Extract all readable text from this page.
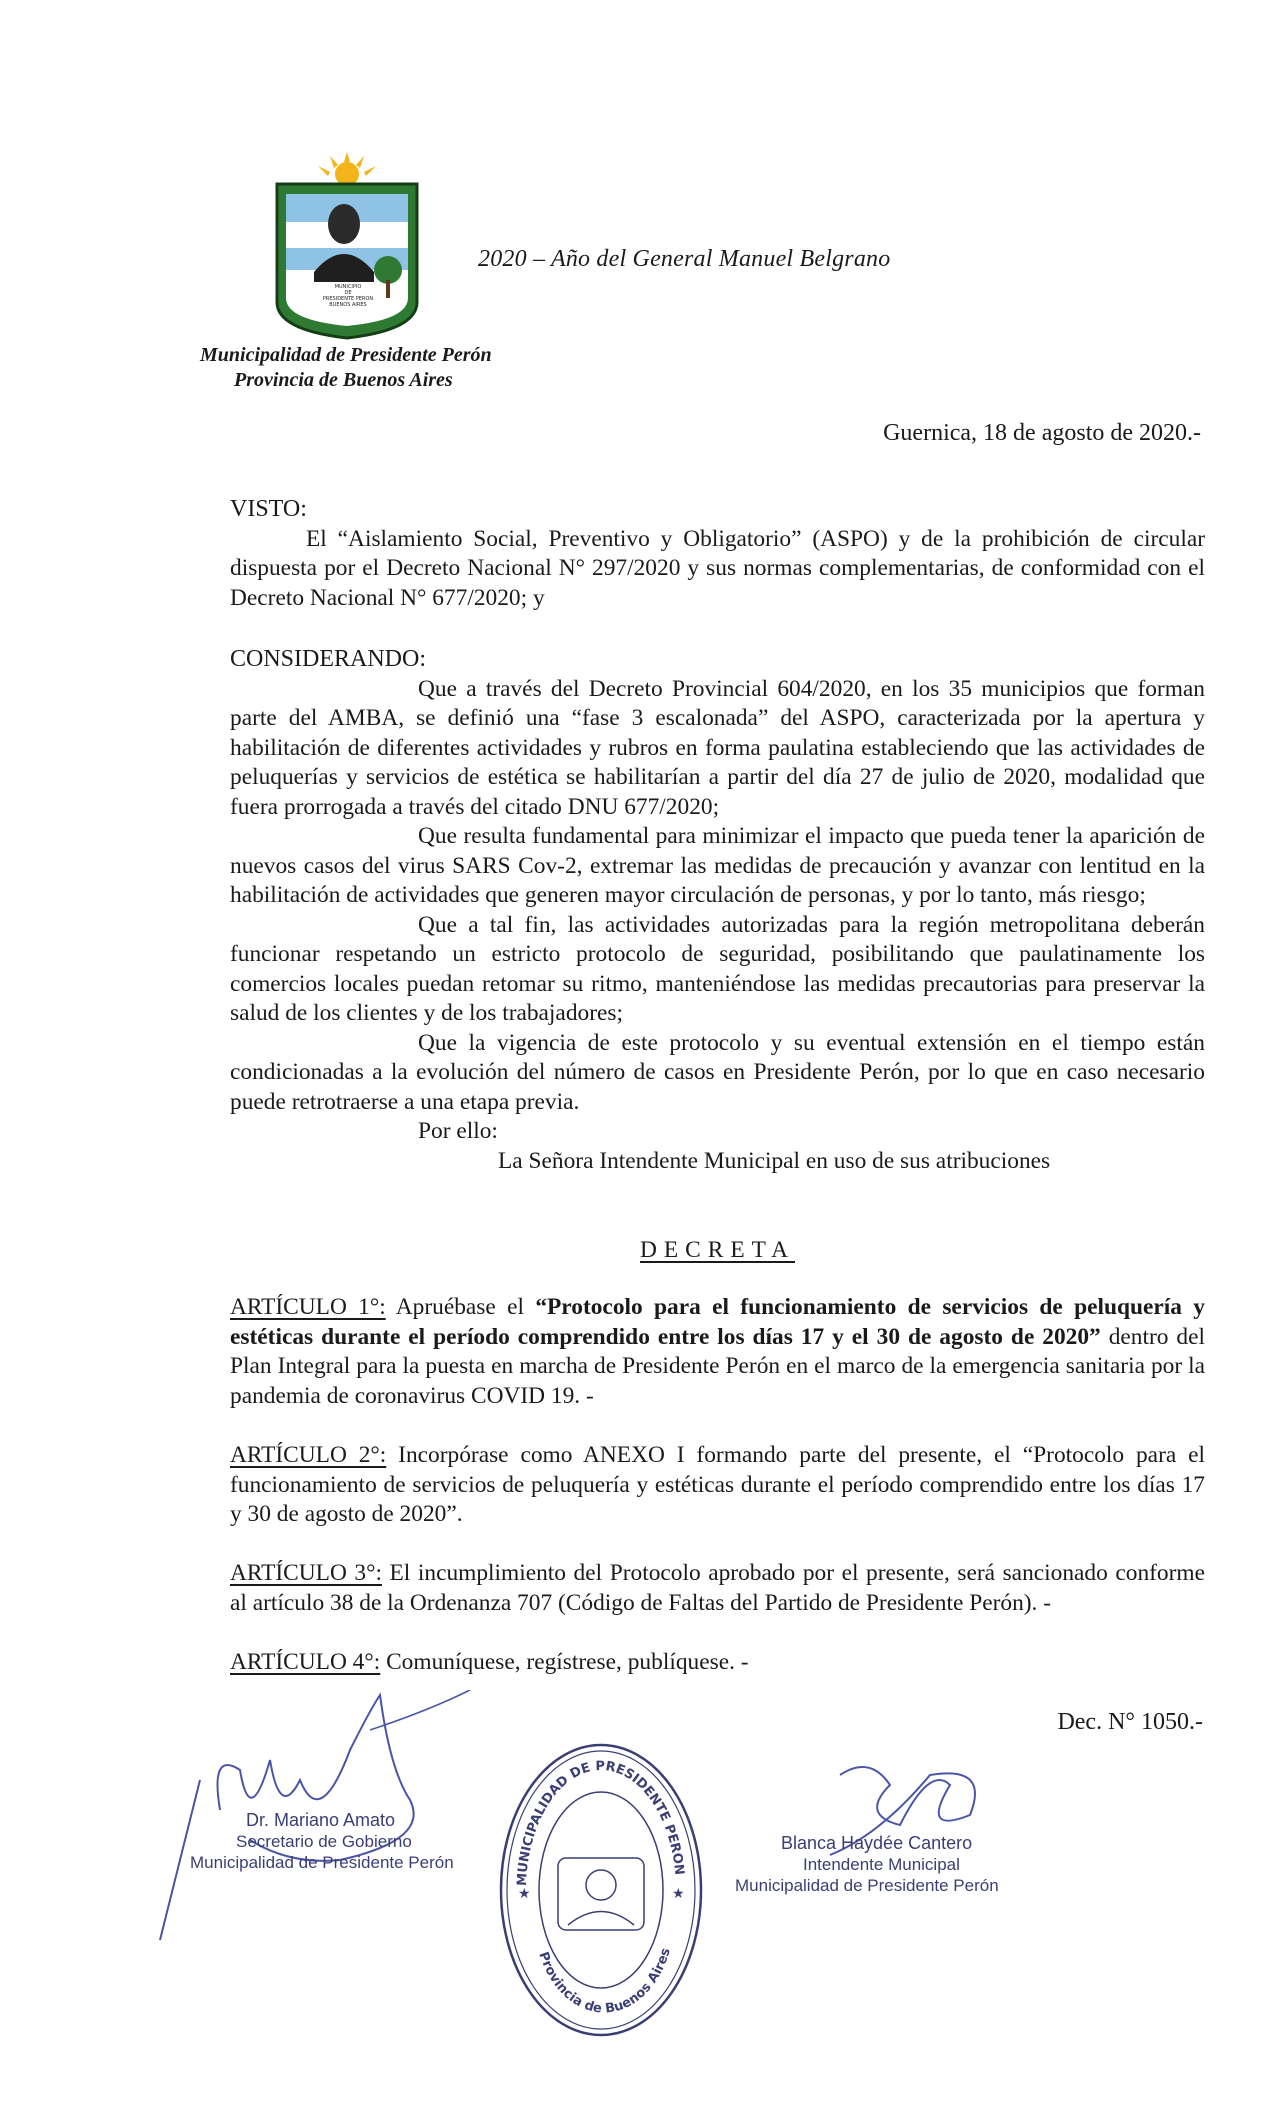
MUNICIPIO
DE
PRESIDENTE PERON
BUENOS AIRES
2020 – Año del General Manuel Belgrano
Municipalidad de Presidente Perón
Provincia de Buenos Aires
Guernica, 18 de agosto de 2020.-
VISTO:
El “Aislamiento Social, Preventivo y Obligatorio” (ASPO) y de la prohibición de circular dispuesta por el Decreto Nacional N° 297/2020 y sus normas complementarias, de conformidad con el Decreto Nacional N° 677/2020; y
CONSIDERANDO:
Que a través del Decreto Provincial 604/2020, en los 35 municipios que forman parte del AMBA, se definió una “fase 3 escalonada” del ASPO, caracterizada por la apertura y habilitación de diferentes actividades y rubros en forma paulatina estableciendo que las actividades de peluquerías y servicios de estética se habilitarían a partir del día 27 de julio de 2020, modalidad que fuera prorrogada a través del citado DNU 677/2020;
Que resulta fundamental para minimizar el impacto que pueda tener la aparición de nuevos casos del virus SARS Cov-2, extremar las medidas de precaución y avanzar con lentitud en la habilitación de actividades que generen mayor circulación de personas, y por lo tanto, más riesgo;
Que a tal fin, las actividades autorizadas para la región metropolitana deberán funcionar respetando un estricto protocolo de seguridad, posibilitando que paulatinamente los comercios locales puedan retomar su ritmo, manteniéndose las medidas precautorias para preservar la salud de los clientes y de los trabajadores;
Que la vigencia de este protocolo y su eventual extensión en el tiempo están condicionadas a la evolución del número de casos en Presidente Perón, por lo que en caso necesario puede retrotraerse a una etapa previa.
Por ello:
La Señora Intendente Municipal en uso de sus atribuciones
DECRETA
ARTÍCULO 1°: Apruébase el “Protocolo para el funcionamiento de servicios de peluquería y estéticas durante el período comprendido entre los días 17 y el 30 de agosto de 2020” dentro del Plan Integral para la puesta en marcha de Presidente Perón en el marco de la emergencia sanitaria por la pandemia de coronavirus COVID 19. -
ARTÍCULO 2°: Incorpórase como ANEXO I formando parte del presente, el “Protocolo para el funcionamiento de servicios de peluquería y estéticas durante el período comprendido entre los días 17 y 30 de agosto de 2020”.
ARTÍCULO 3°: El incumplimiento del Protocolo aprobado por el presente, será sancionado conforme al artículo 38 de la Ordenanza 707 (Código de Faltas del Partido de Presidente Perón). -
ARTÍCULO 4°: Comuníquese, regístrese, publíquese. -
Dec. N° 1050.-
Dr. Mariano Amato
Secretario de Gobierno
Municipalidad de Presidente Perón
MUNICIPALIDAD DE PRESIDENTE PERON
Provincia de Buenos Aires
★	★
Blanca Haydée Cantero
Intendente Municipal
Municipalidad de Presidente Perón
